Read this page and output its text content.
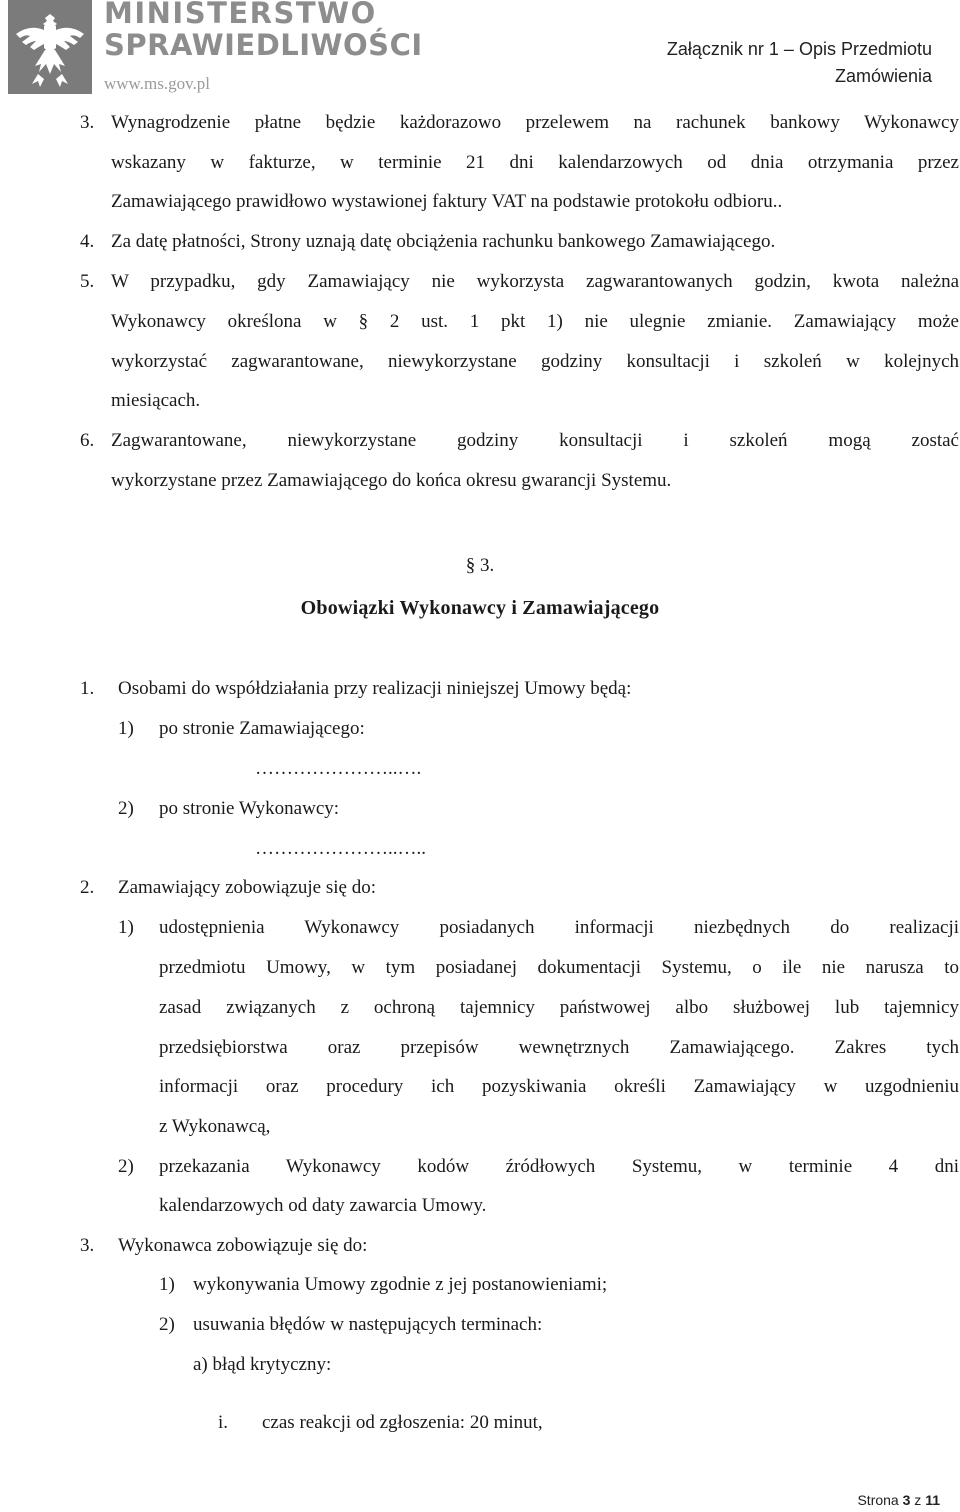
MINISTERSTWO
SPRAWIEDLIWOŚCI
www.ms.gov.pl
Załącznik nr 1 – Opis Przedmiotu
Zamówienia
3. Wynagrodzenie płatne będzie każdorazowo przelewem na rachunek bankowy Wykonawcy
wskazany w fakturze, w terminie 21 dni kalendarzowych od dnia otrzymania przez
Zamawiającego prawidłowo wystawionej faktury VAT na podstawie protokołu odbioru..
4. Za datę płatności, Strony uznają datę obciążenia rachunku bankowego Zamawiającego.
5. W przypadku, gdy Zamawiający nie wykorzysta zagwarantowanych godzin, kwota należna
Wykonawcy określona w § 2 ust. 1 pkt 1) nie ulegnie zmianie. Zamawiający może
wykorzystać zagwarantowane, niewykorzystane godziny konsultacji i szkoleń w kolejnych
miesiącach.
6. Zagwarantowane, niewykorzystane godziny konsultacji i szkoleń mogą zostać
wykorzystane przez Zamawiającego do końca okresu gwarancji Systemu.
§ 3.
Obowiązki Wykonawcy i Zamawiającego
1. Osobami do współdziałania przy realizacji niniejszej Umowy będą:
1) po stronie Zamawiającego:
…………………..….
2) po stronie Wykonawcy:
…………………..…..
2. Zamawiający zobowiązuje się do:
1) udostępnienia Wykonawcy posiadanych informacji niezbędnych do realizacji
przedmiotu Umowy, w tym posiadanej dokumentacji Systemu, o ile nie narusza to
zasad związanych z ochroną tajemnicy państwowej albo służbowej lub tajemnicy
przedsiębiorstwa oraz przepisów wewnętrznych Zamawiającego. Zakres tych
informacji oraz procedury ich pozyskiwania określi Zamawiający w uzgodnieniu
z Wykonawcą,
2) przekazania Wykonawcy kodów źródłowych Systemu, w terminie 4 dni
kalendarzowych od daty zawarcia Umowy.
3. Wykonawca zobowiązuje się do:
1) wykonywania Umowy zgodnie z jej postanowieniami;
2) usuwania błędów w następujących terminach:
a) błąd krytyczny:
i. czas reakcji od zgłoszenia: 20 minut,
Strona 3 z 11
